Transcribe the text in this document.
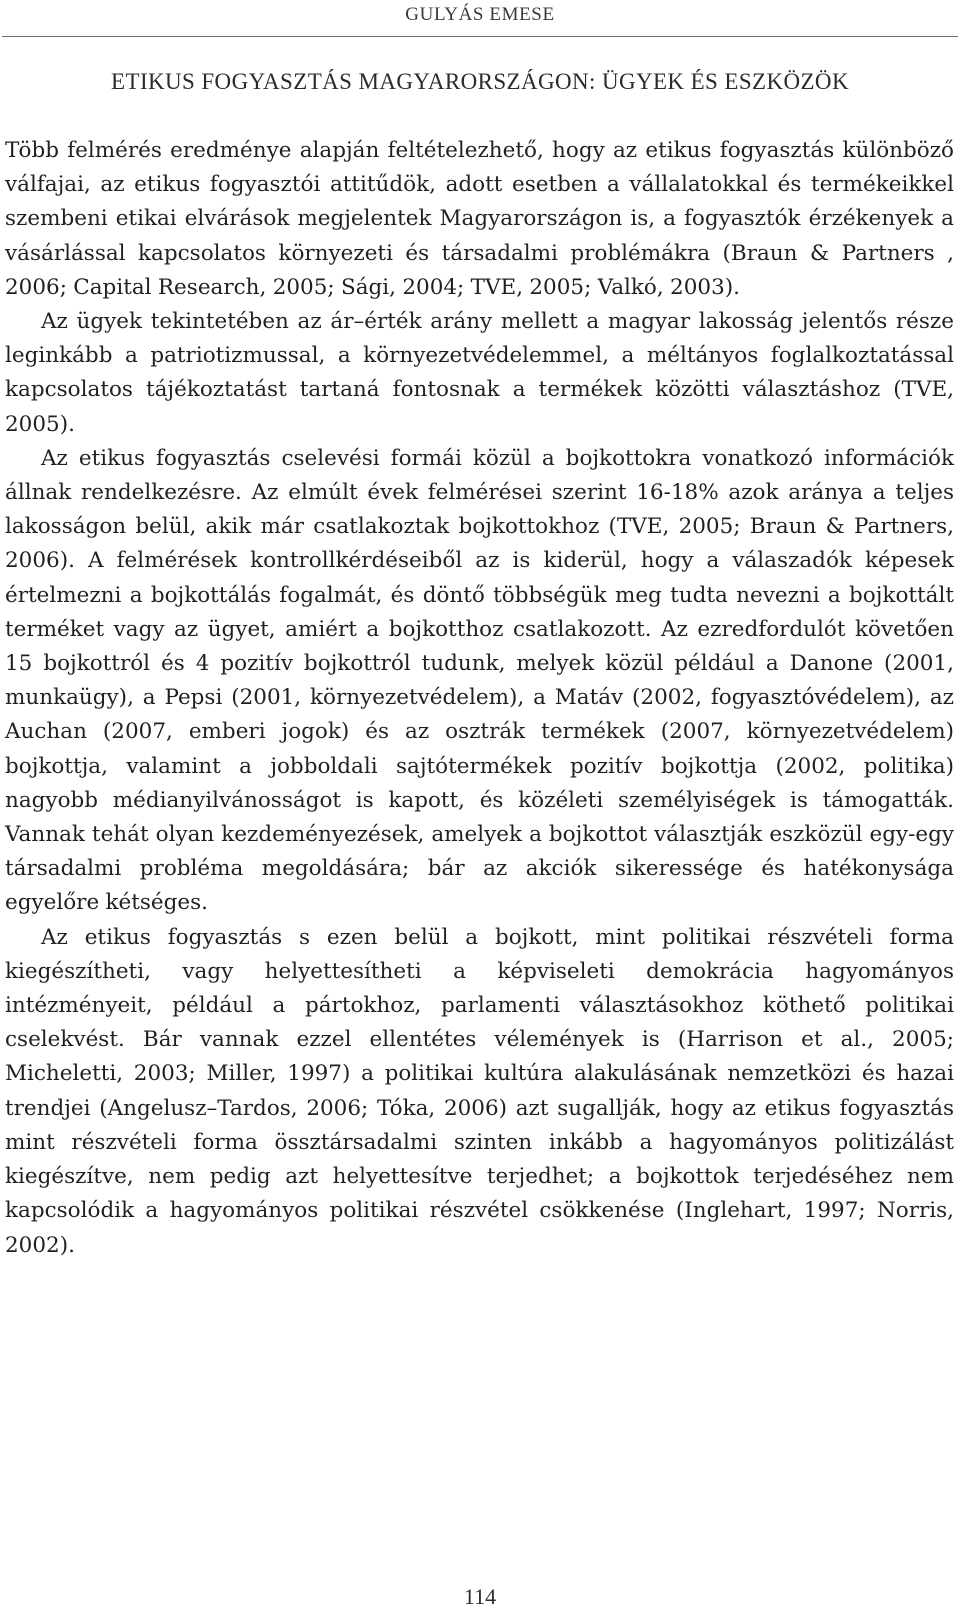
GULYÁS EMESE
ETIKUS FOGYASZTÁS MAGYARORSZÁGON: ÜGYEK ÉS ESZKÖZÖK

Több felmérés eredménye alapján feltételezhető, hogy az etikus fogyasztás különböző válfajai, az etikus fogyasztói attitűdök, adott esetben a vállalatokkal és termékeikkel szembeni etikai elvárások megjelentek Magyarországon is, a fogyasztók érzékenyek a vásárlással kapcsolatos környezeti és társadalmi problémákra (Braun & Partners , 2006; Capital Research, 2005; Sági, 2004; TVE, 2005; Valkó, 2003).

Az ügyek tekintetében az ár–érték arány mellett a magyar lakosság jelentős része leginkább a patriotizmussal, a környezetvédelemmel, a méltányos foglalkoztatással kapcsolatos tájékoztatást tartaná fontosnak a termékek közötti választáshoz (TVE, 2005).

Az etikus fogyasztás cselevési formái közül a bojkottokra vonatkozó információk állnak rendelkezésre. Az elmúlt évek felmérései szerint 16-18% azok aránya a teljes lakosságon belül, akik már csatlakoztak bojkottokhoz (TVE, 2005; Braun & Partners, 2006). A felmérések kontrollkérdéseiből az is kiderül, hogy a válaszadók képesek értelmezni a bojkottálás fogalmát, és döntő többségük meg tudta nevezni a bojkottált terméket vagy az ügyet, amiért a bojkotthoz csatlakozott. Az ezredfordulót követően 15 bojkottról és 4 pozitív bojkottról tudunk, melyek közül például a Danone (2001, munkaügy), a Pepsi (2001, környezetvédelem), a Matáv (2002, fogyasztóvédelem), az Auchan (2007, emberi jogok) és az osztrák termékek (2007, környezetvédelem) bojkottja, valamint a jobboldali sajtótermékek pozitív bojkottja (2002, politika) nagyobb médianyilvánosságot is kapott, és közéleti személyiségek is támogatták. Vannak tehát olyan kezdeményezések, amelyek a bojkottot választják eszközül egy-egy társadalmi probléma megoldására; bár az akciók sikeressége és hatékonysága egyelőre kétséges.

Az etikus fogyasztás s ezen belül a bojkott, mint politikai részvételi forma kiegészítheti, vagy helyettesítheti a képviseleti demokrácia hagyományos intézményeit, például a pártokhoz, parlamenti választásokhoz köthető politikai cselekvést. Bár vannak ezzel ellentétes vélemények is (Harrison et al., 2005; Micheletti, 2003; Miller, 1997) a politikai kultúra alakulásának nemzetközi és hazai trendjei (Angelusz–Tardos, 2006; Tóka, 2006) azt sugallják, hogy az etikus fogyasztás mint részvételi forma össztársadalmi szinten inkább a hagyományos politizálást kiegészítve, nem pedig azt helyettesítve terjedhet; a bojkottok terjedéséhez nem kapcsolódik a hagyományos politikai részvétel csökkenése (Inglehart, 1997; Norris, 2002).

114
